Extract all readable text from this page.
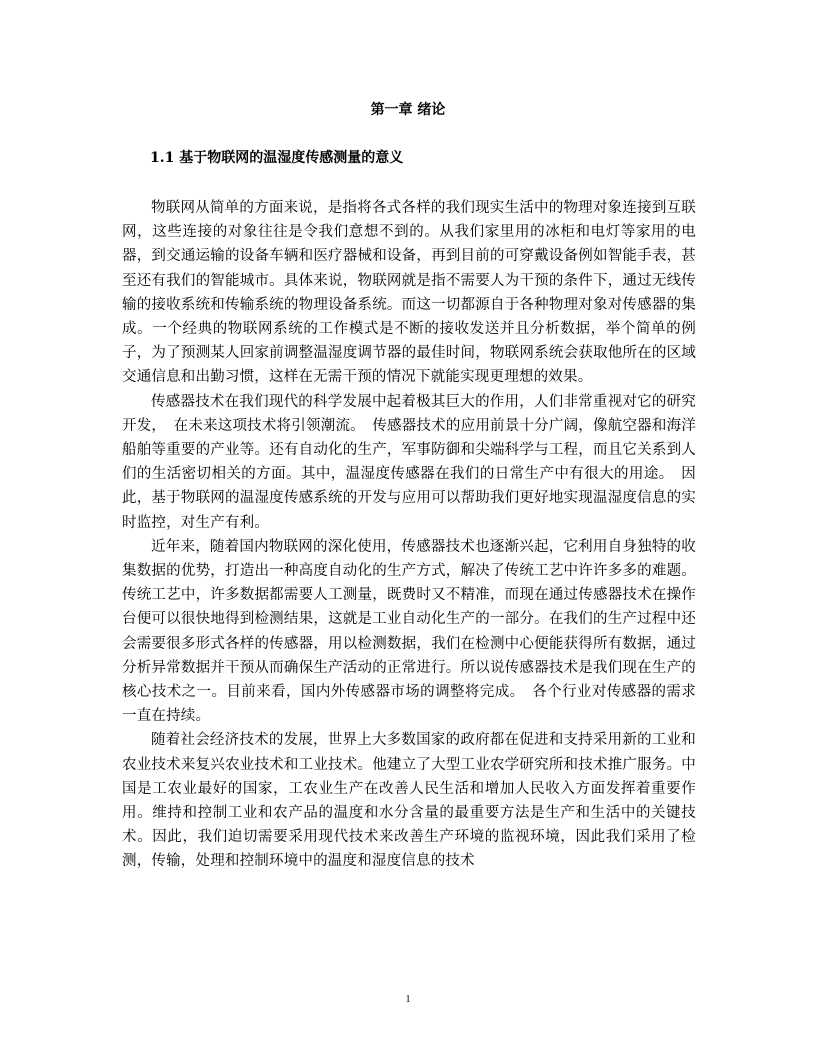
第一章 绪论
1.1 基于物联网的温湿度传感测量的意义

物联网从简单的方面来说，是指将各式各样的我们现实生活中的物理对象连接到互联网，这些连接的对象往往是令我们意想不到的。从我们家里用的冰柜和电灯等家用的电器，到交通运输的设备车辆和医疗器械和设备，再到目前的可穿戴设备例如智能手表，甚至还有我们的智能城市。具体来说，物联网就是指不需要人为干预的条件下，通过无线传输的接收系统和传输系统的物理设备系统。而这一切都源自于各种物理对象对传感器的集成。一个经典的物联网系统的工作模式是不断的接收发送并且分析数据，举个简单的例子，为了预测某人回家前调整温湿度调节器的最佳时间，物联网系统会获取他所在的区域交通信息和出勤习惯，这样在无需干预的情况下就能实现更理想的效果。

传感器技术在我们现代的科学发展中起着极其巨大的作用，人们非常重视对它的研究开发，　在未来这项技术将引领潮流。　传感器技术的应用前景十分广阔，像航空器和海洋船舶等重要的产业等。还有自动化的生产，军事防御和尖端科学与工程，而且它关系到人们的生活密切相关的方面。其中，温湿度传感器在我们的日常生产中有很大的用途。　因此，基于物联网的温湿度传感系统的开发与应用可以帮助我们更好地实现温湿度信息的实时监控，对生产有利。

近年来，随着国内物联网的深化使用，传感器技术也逐渐兴起，它利用自身独特的收集数据的优势，打造出一种高度自动化的生产方式，解决了传统工艺中许许多多的难题。传统工艺中，许多数据都需要人工测量，既费时又不精准，而现在通过传感器技术在操作台便可以很快地得到检测结果，这就是工业自动化生产的一部分。在我们的生产过程中还会需要很多形式各样的传感器，用以检测数据，我们在检测中心便能获得所有数据，通过分析异常数据并干预从而确保生产活动的正常进行。所以说传感器技术是我们现在生产的核心技术之一。目前来看，国内外传感器市场的调整将完成。　各个行业对传感器的需求一直在持续。

随着社会经济技术的发展，世界上大多数国家的政府都在促进和支持采用新的工业和农业技术来复兴农业技术和工业技术。他建立了大型工业农学研究所和技术推广服务。中国是工农业最好的国家，工农业生产在改善人民生活和增加人民收入方面发挥着重要作用。维持和控制工业和农产品的温度和水分含量的最重要方法是生产和生活中的关键技术。因此，我们迫切需要采用现代技术来改善生产环境的监视环境，因此我们采用了检测，传输，处理和控制环境中的温度和湿度信息的技术

1
